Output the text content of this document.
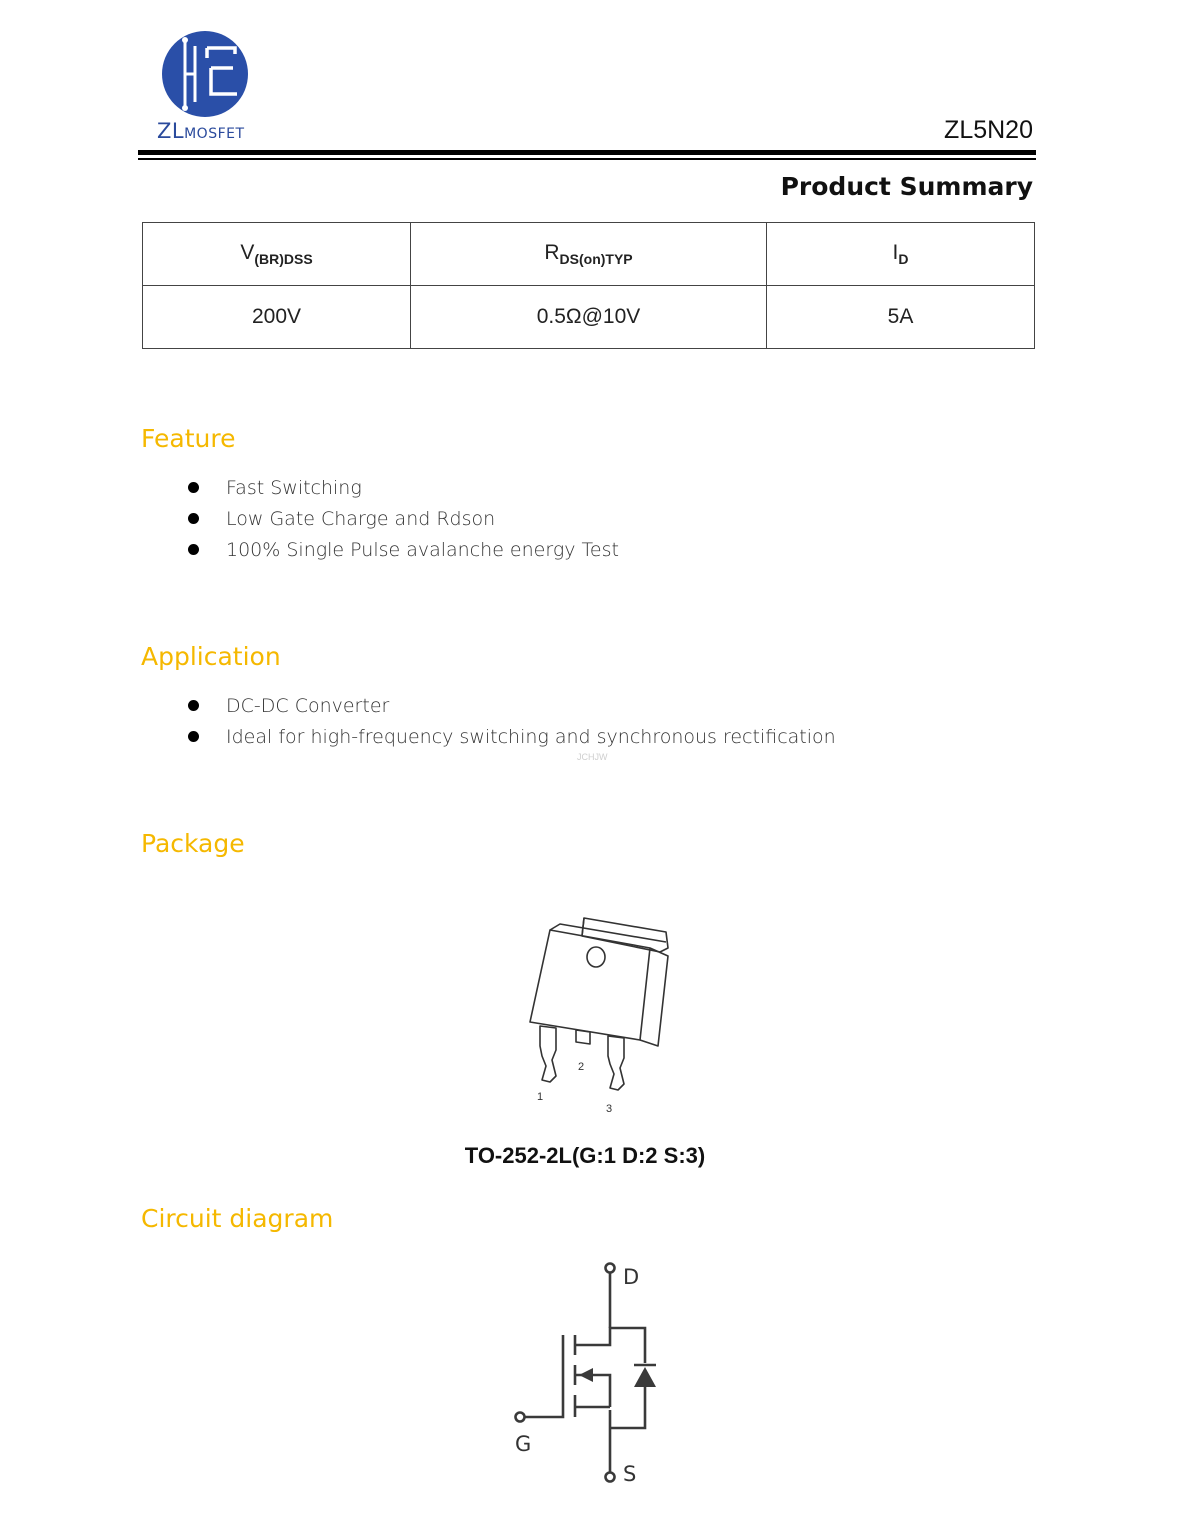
ZLMOSFET	ZL5N20
Product Summary
$V_{(BR)DSS}$	$R_{DS(on)TYP}$	$I_D$
200V	0.5Ω@10V	5A
Feature
Fast Switching
Low Gate Charge and Rdson
100% Single Pulse avalanche energy Test
Application
DC-DC Converter
Ideal for high-frequency switching and synchronous rectification
JCHJW
Package
2
1
3
TO-252-2L(G:1 D:2 S:3)
Circuit diagram
D
G
S
